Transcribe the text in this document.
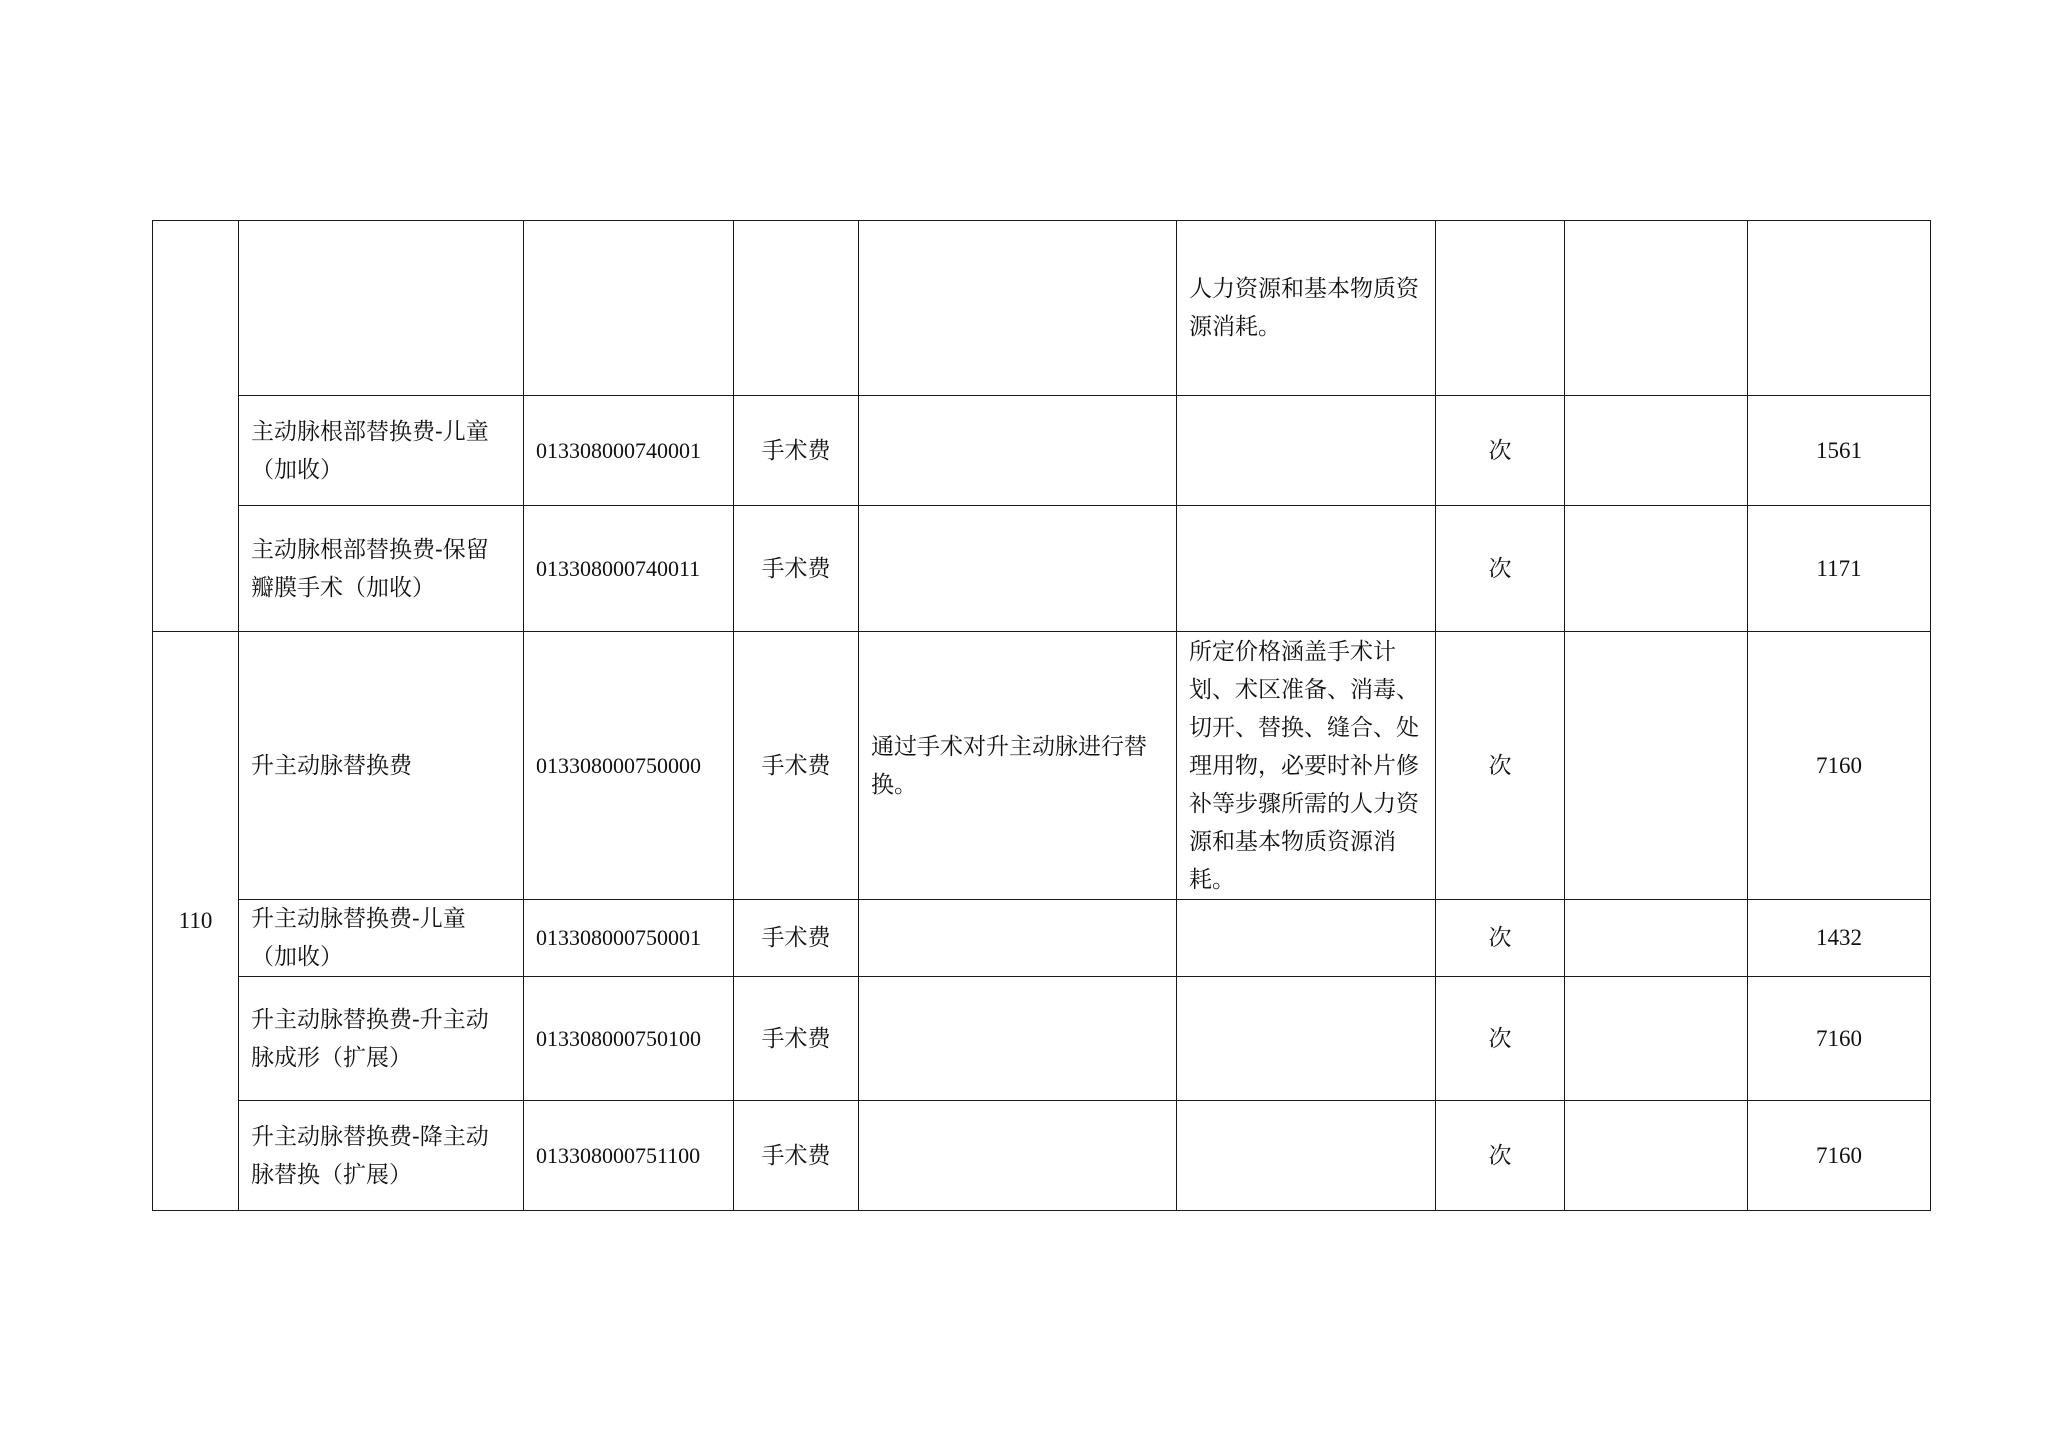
					人力资源和基本物质资源消耗。			
	主动脉根部替换费-儿童（加收）	013308000740001	手术费			次		1561
	主动脉根部替换费-保留瓣膜手术（加收）	013308000740011	手术费			次		1171
110	升主动脉替换费	013308000750000	手术费	通过手术对升主动脉进行替换。	所定价格涵盖手术计划、术区准备、消毒、切开、替换、缝合、处理用物，必要时补片修补等步骤所需的人力资源和基本物质资源消耗。	次		7160
	升主动脉替换费-儿童（加收）	013308000750001	手术费			次		1432
	升主动脉替换费-升主动脉成形（扩展）	013308000750100	手术费			次		7160
	升主动脉替换费-降主动脉替换（扩展）	013308000751100	手术费			次		7160
